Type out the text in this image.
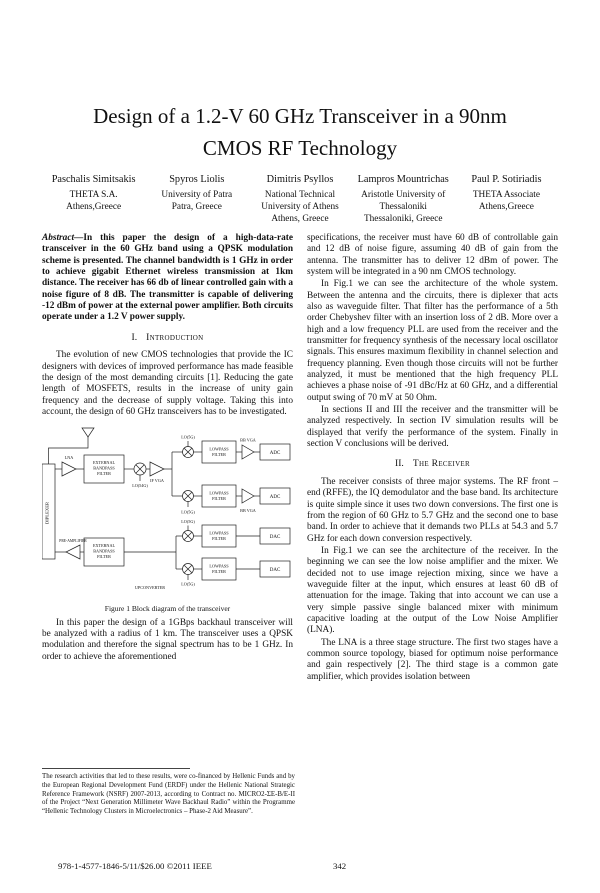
Design of a 1.2-V 60 GHz Transceiver in a 90nm
CMOS RF Technology
Paschalis Simitsakis
THETA S.A.
Athens,Greece
Spyros Liolis
University of Patra
Patra, Greece
Dimitris Psyllos
National Technical
University of Athens
Athens, Greece
Lampros Mountrichas
Aristotle University of
Thessaloniki
Thessaloniki, Greece
Paul P. Sotiriadis
THETA Associate
Athens,Greece

Abstract—In this paper the design of a high-data-rate transceiver in the 60 GHz band using a QPSK modulation scheme is presented. The channel bandwidth is 1 GHz in order to achieve gigabit Ethernet wireless transmission at 1km distance. The receiver has 66 db of linear controlled gain with a noise figure of 8 dB. The transmitter is capable of delivering -12 dBm of power at the external power amplifier. Both circuits operate under a 1.2 V power supply.

I. Introduction

The evolution of new CMOS technologies that provide the IC designers with devices of improved performance has made feasible the design of the most demanding circuits [1]. Reducing the gate length of MOSFETS, results in the increase of unity gain frequency and the decrease of supply voltage. Taking this into account, the design of 60 GHz transceivers has to be investigated.

DIPLEXER
LNA
EXTERNAL
BANDPASS
FILTER
LO(54G)
IF VGA
LO(5G)
LOWPASS
FILTER
BB VGA
ADC
LO(5G)
LOWPASS
FILTER
BB VGA
ADC
PRE-AMPLIFIER
EXTERNAL
BANDPASS
FILTER
UPCONVERTER
LO(5G)
LOWPASS
FILTER	DAC
LO(5G)
LOWPASS
FILTER	DAC
Figure 1 Block diagram of the transceiver

In this paper the design of a 1GBps backhaul transceiver will be analyzed with a radius of 1 km. The transceiver uses a QPSK modulation and therefore the signal spectrum has to be 1 GHz. In order to achieve the aforementioned

specifications, the receiver must have 60 dB of controllable gain and 12 dB of noise figure, assuming 40 dB of gain from the antenna. The transmitter has to deliver 12 dBm of power. The system will be integrated in a 90 nm CMOS technology.

In Fig.1 we can see the architecture of the whole system. Between the antenna and the circuits, there is diplexer that acts also as waveguide filter. That filter has the performance of a 5th order Chebyshev filter with an insertion loss of 2 dB. More over a high and a low frequency PLL are used from the receiver and the transmitter for frequency synthesis of the necessary local oscillator signals. This ensures maximum flexibility in channel selection and frequency planning. Even though those circuits will not be further analyzed, it must be mentioned that the high frequency PLL achieves a phase noise of -91 dBc/Hz at 60 GHz, and a differential output swing of 70 mV at 50 Ohm.

In sections II and III the receiver and the transmitter will be analyzed respectively. In section IV simulation results will be displayed that verify the performance of the system. Finally in section V conclusions will be derived.

II. The Receiver

The receiver consists of three major systems. The RF front – end (RFFE), the IQ demodulator and the base band. Its architecture is quite simple since it uses two down conversions. The first one is from the region of 60 GHz to 5.7 GHz and the second one to base band. In order to achieve that it demands two PLLs at 54.3 and 5.7 GHz for each down conversion respectively.

In Fig.1 we can see the architecture of the receiver. In the beginning we can see the low noise amplifier and the mixer. We decided not to use image rejection mixing, since we have a waveguide filter at the input, which ensures at least 60 dB of attenuation for the image. Taking that into account we can use a very simple passive single balanced mixer with minimum capacitive loading at the output of the Low Noise Amplifier (LNA).

The LNA is a three stage structure. The first two stages have a common source topology, biased for optimum noise performance and gain respectively [2]. The third stage is a common gate amplifier, which provides isolation between

The research activities that led to these results, were co-financed by Hellenic Funds and by the European Regional Development Fund (ERDF) under the Hellenic National Strategic Reference Framework (NSRF) 2007-2013, according to Contract no. MICRO2-ΣΕ-Β/Ε-ΙΙ of the Project “Next Generation Millimeter Wave Backhaul Radio” within the Programme “Hellenic Technology Clusters in Microelectronics – Phase-2 Aid Measure”.

978-1-4577-1846-5/11/$26.00 ©2011 IEEE	342
